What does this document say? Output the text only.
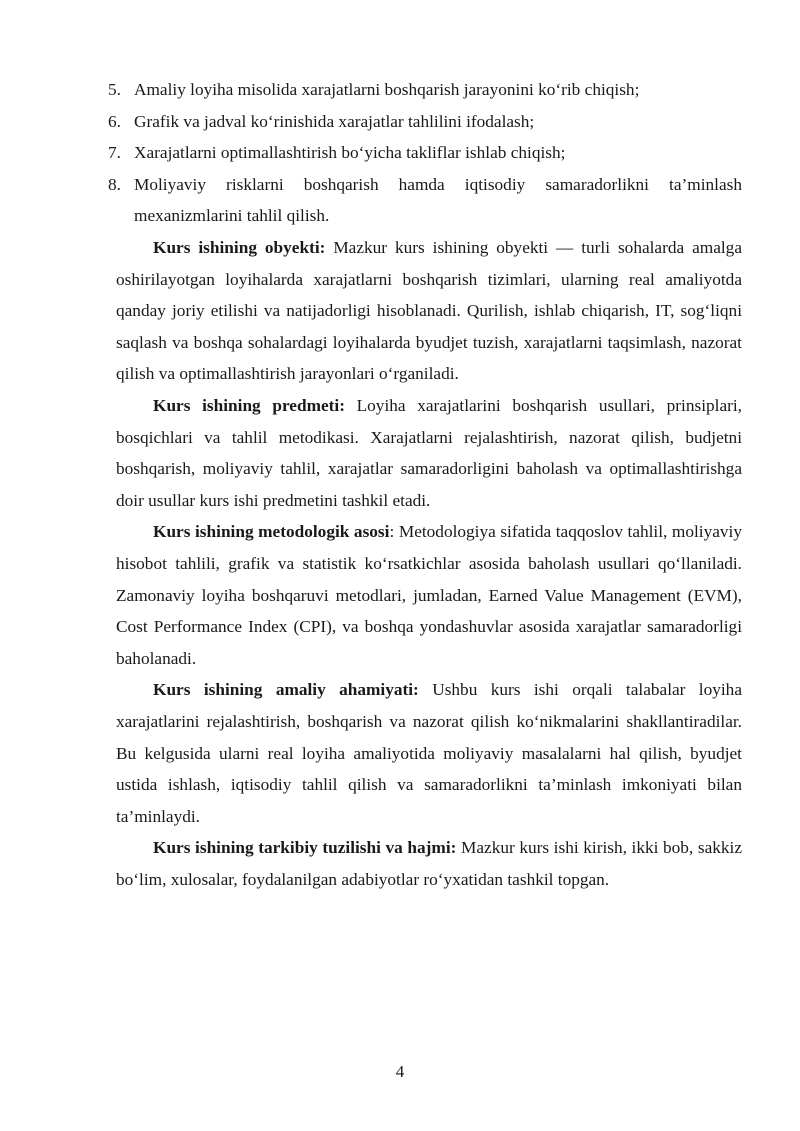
5. Amaliy loyiha misolida xarajatlarni boshqarish jarayonini ko‘rib chiqish;
6. Grafik va jadval ko‘rinishida xarajatlar tahlilini ifodalash;
7. Xarajatlarni optimallashtirish bo‘yicha takliflar ishlab chiqish;
8. Moliyaviy risklarni boshqarish hamda iqtisodiy samaradorlikni ta’minlash mexanizmlarini tahlil qilish.

Kurs ishining obyekti: Mazkur kurs ishining obyekti — turli sohalarda amalga oshirilayotgan loyihalarda xarajatlarni boshqarish tizimlari, ularning real amaliyotda qanday joriy etilishi va natijadorligi hisoblanadi. Qurilish, ishlab chiqarish, IT, sog‘liqni saqlash va boshqa sohalardagi loyihalarda byudjet tuzish, xarajatlarni taqsimlash, nazorat qilish va optimallashtirish jarayonlari o‘rganiladi.

Kurs ishining predmeti: Loyiha xarajatlarini boshqarish usullari, prinsiplari, bosqichlari va tahlil metodikasi. Xarajatlarni rejalashtirish, nazorat qilish, budjetni boshqarish, moliyaviy tahlil, xarajatlar samaradorligini baholash va optimallashtirishga doir usullar kurs ishi predmetini tashkil etadi.

Kurs ishining metodologik asosi: Metodologiya sifatida taqqoslov tahlil, moliyaviy hisobot tahlili, grafik va statistik ko‘rsatkichlar asosida baholash usullari qo‘llaniladi. Zamonaviy loyiha boshqaruvi metodlari, jumladan, Earned Value Management (EVM), Cost Performance Index (CPI), va boshqa yondashuvlar asosida xarajatlar samaradorligi baholanadi.

Kurs ishining amaliy ahamiyati: Ushbu kurs ishi orqali talabalar loyiha xarajatlarini rejalashtirish, boshqarish va nazorat qilish ko‘nikmalarini shakllantiradilar. Bu kelgusida ularni real loyiha amaliyotida moliyaviy masalalarni hal qilish, byudjet ustida ishlash, iqtisodiy tahlil qilish va samaradorlikni ta’minlash imkoniyati bilan ta’minlaydi.

Kurs ishining tarkibiy tuzilishi va hajmi: Mazkur kurs ishi kirish, ikki bob, sakkiz bo‘lim, xulosalar, foydalanilgan adabiyotlar ro‘yxatidan tashkil topgan.

4
